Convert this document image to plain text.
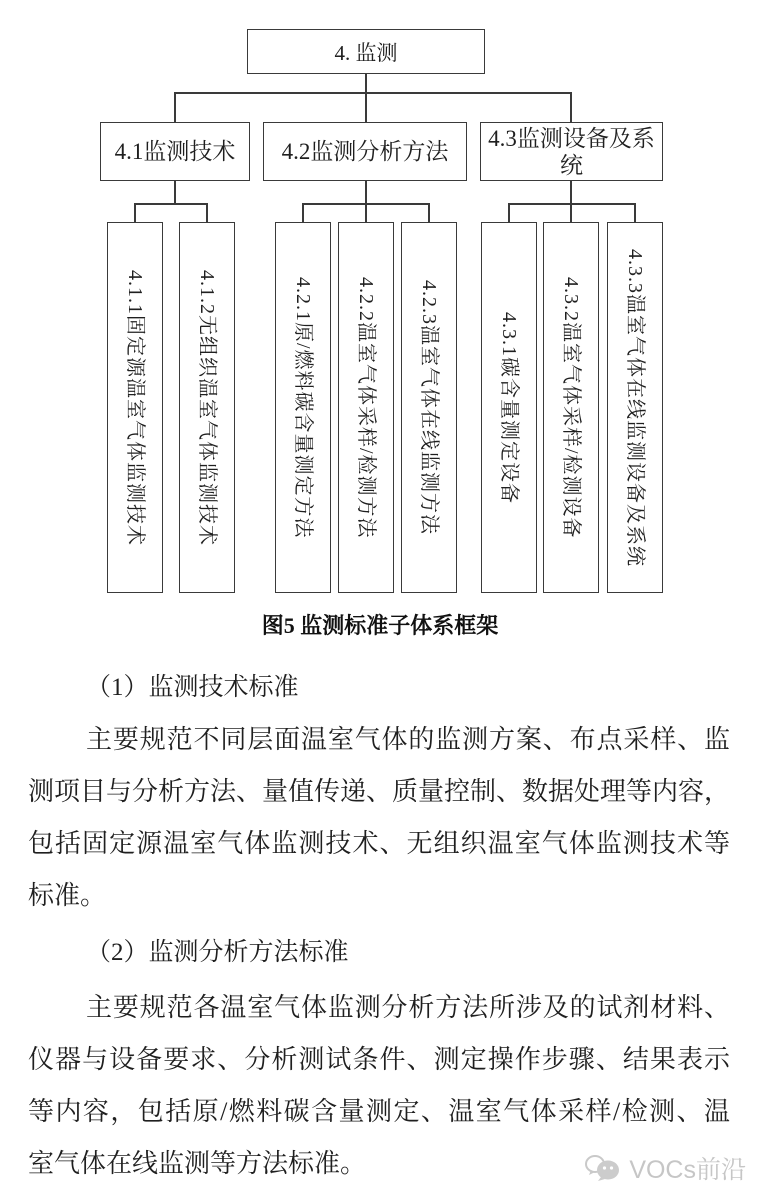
4. 监测
4.1监测技术	4.2监测分析方法
4.3监测设备及系统
4.1.1固定源温室气体监测技术	4.1.2无组织温室气体监测技术	4.2.1原/燃料碳含量测定方法 4.2.2温室气体采样/检测方法 4.2.3温室气体在线监测方法	4.3.1碳含量测定设备 4.3.2温室气体采样/检测设备 4.3.3温室气体在线监测设备及系统
图5 监测标准子体系框架
（1）监测技术标准
主要规范不同层面温室气体的监测方案、布点采样、监
测项目与分析方法、量值传递、质量控制、数据处理等内容，
包括固定源温室气体监测技术、无组织温室气体监测技术等
标准。
（2）监测分析方法标准
主要规范各温室气体监测分析方法所涉及的试剂材料、
仪器与设备要求、分析测试条件、测定操作步骤、结果表示
等内容，包括原/燃料碳含量测定、温室气体采样/检测、温
室气体在线监测等方法标准。	VOCs前沿
